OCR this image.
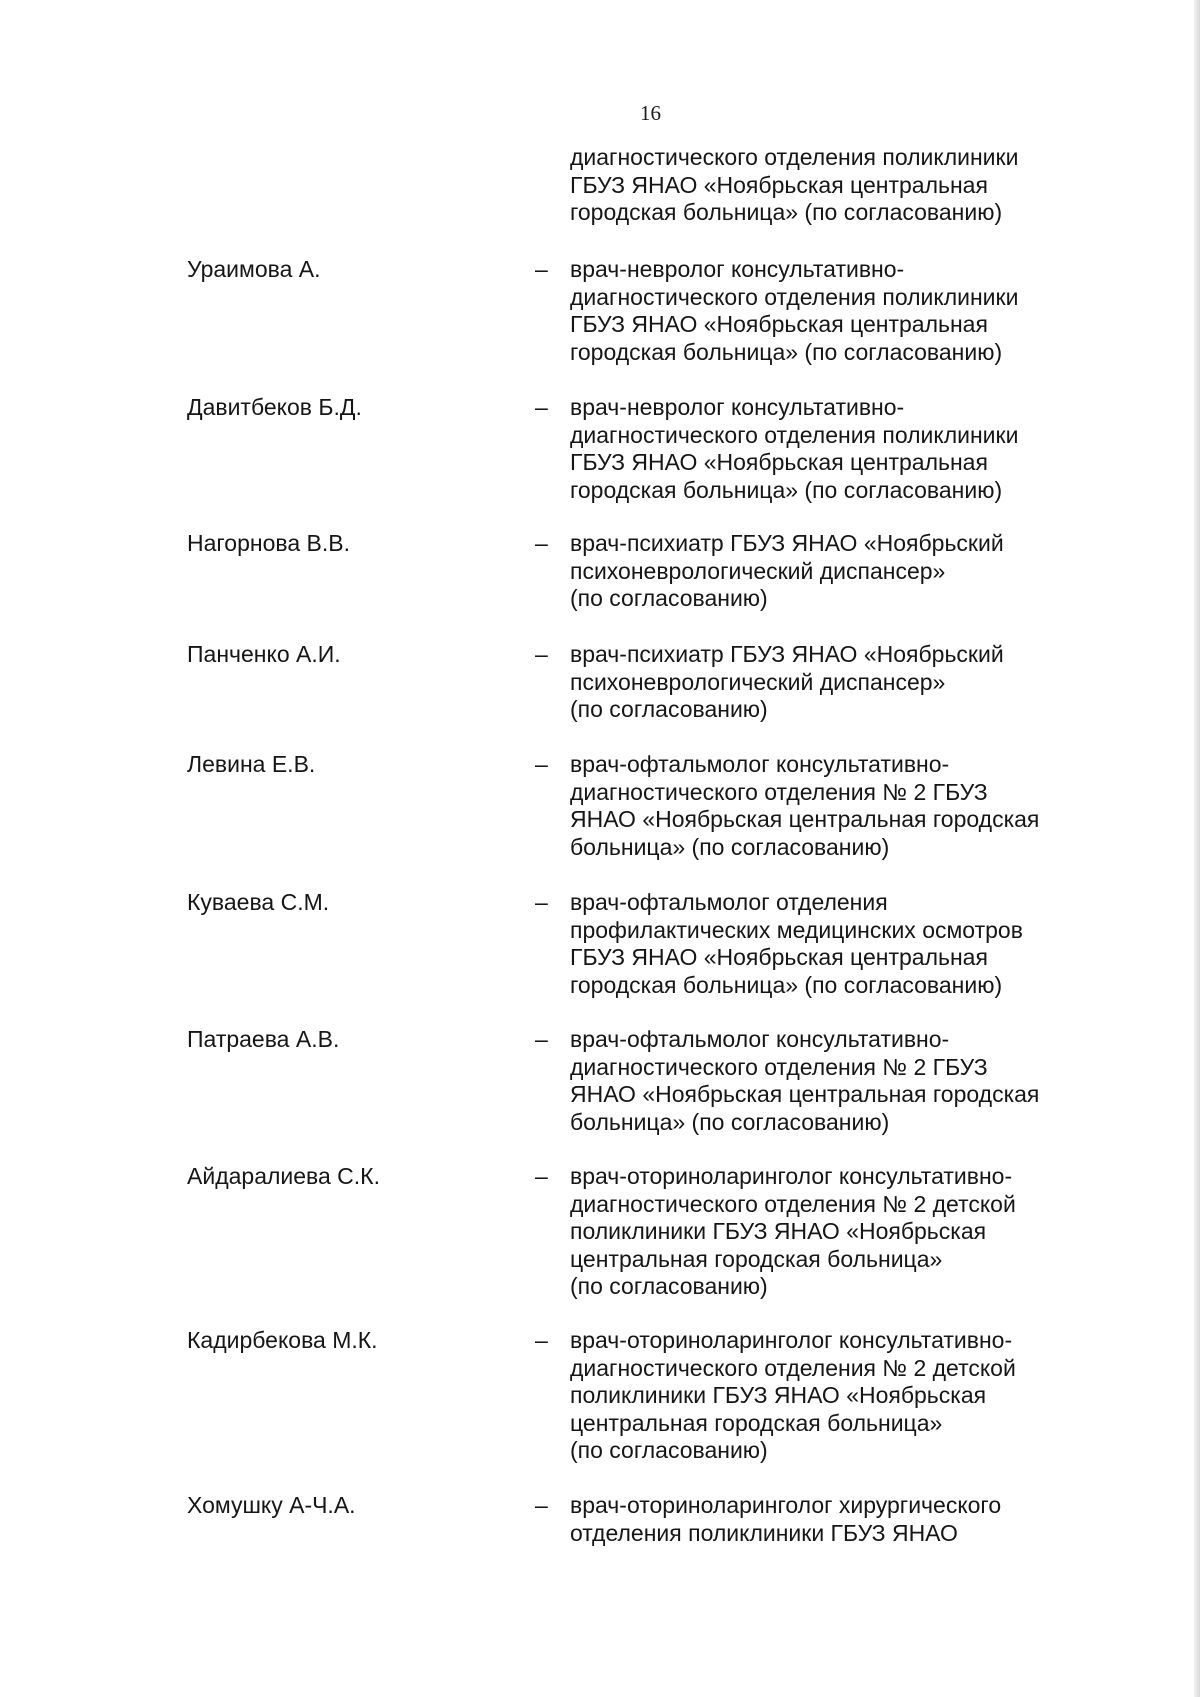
16
диагностического отделения поликлиники
ГБУЗ ЯНАО «Ноябрьская центральная
городская больница» (по согласованию)
Ураимова А.	– врач-невролог консультативно-
диагностического отделения поликлиники
ГБУЗ ЯНАО «Ноябрьская центральная
городская больница» (по согласованию)
Давитбеков Б.Д.	– врач-невролог консультативно-
диагностического отделения поликлиники
ГБУЗ ЯНАО «Ноябрьская центральная
городская больница» (по согласованию)
Нагорнова В.В.	– врач-психиатр ГБУЗ ЯНАО «Ноябрьский
психоневрологический диспансер»
(по согласованию)
Панченко А.И.	– врач-психиатр ГБУЗ ЯНАО «Ноябрьский
психоневрологический диспансер»
(по согласованию)
Левина Е.В.	– врач-офтальмолог консультативно-
диагностического отделения № 2 ГБУЗ
ЯНАО «Ноябрьская центральная городская
больница» (по согласованию)
Куваева С.М.	– врач-офтальмолог отделения
профилактических медицинских осмотров
ГБУЗ ЯНАО «Ноябрьская центральная
городская больница» (по согласованию)
Патраева А.В.	– врач-офтальмолог консультативно-
диагностического отделения № 2 ГБУЗ
ЯНАО «Ноябрьская центральная городская
больница» (по согласованию)
Айдаралиева С.К.	– врач-оториноларинголог консультативно-
диагностического отделения № 2 детской
поликлиники ГБУЗ ЯНАО «Ноябрьская
центральная городская больница»
(по согласованию)
Кадирбекова М.К.	– врач-оториноларинголог консультативно-
диагностического отделения № 2 детской
поликлиники ГБУЗ ЯНАО «Ноябрьская
центральная городская больница»
(по согласованию)
Хомушку А-Ч.А.	– врач-оториноларинголог хирургического
отделения поликлиники ГБУЗ ЯНАО
